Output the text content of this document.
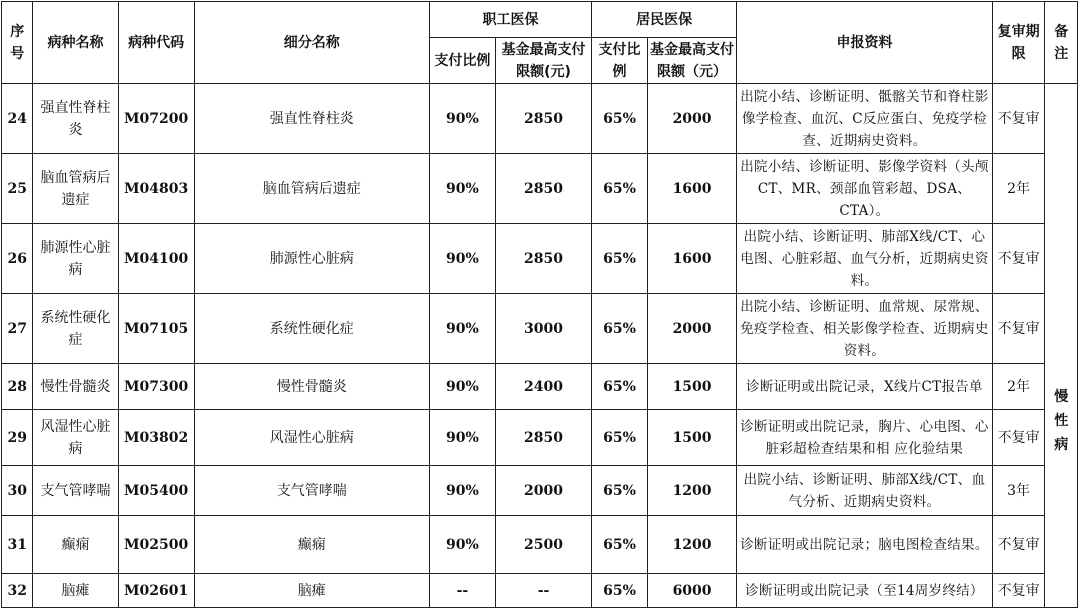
序号	病种名称	病种代码	细分名称	职工医保		居民医保		申报资料	复审期限	备注
				支付比例	基金最高支付限额(元)	支付比例	基金最高支付限额（元）			
24	强直性脊柱炎	M07200	强直性脊柱炎	90%	2850	65%	2000	出院小结、诊断证明、骶髂关节和脊柱影像学检查、血沉、C反应蛋白、免疫学检查、近期病史资料。	不复审	慢性病
25	脑血管病后遗症	M04803	脑血管病后遗症	90%	2850	65%	1600	出院小结、诊断证明、影像学资料（头颅CT、MR、颈部血管彩超、DSA、CTA）。	2年	
26	肺源性心脏病	M04100	肺源性心脏病	90%	2850	65%	1600	出院小结、诊断证明、肺部X线/CT、心电图、心脏彩超、血气分析，近期病史资料。	不复审	
27	系统性硬化症	M07105	系统性硬化症	90%	3000	65%	2000	出院小结、诊断证明、血常规、尿常规、免疫学检查、相关影像学检查、近期病史资料。	不复审	
28	慢性骨髓炎	M07300	慢性骨髓炎	90%	2400	65%	1500	诊断证明或出院记录，X线片CT报告单	2年	
29	风湿性心脏病	M03802	风湿性心脏病	90%	2850	65%	1500	诊断证明或出院记录，胸片、心电图、心脏彩超检查结果和相 应化验结果	不复审	
30	支气管哮喘	M05400	支气管哮喘	90%	2000	65%	1200	出院小结、诊断证明、肺部X线/CT、血气分析、近期病史资料。	3年	
31	癫痫	M02500	癫痫	90%	2500	65%	1200	诊断证明或出院记录；脑电图检查结果。	不复审	
32	脑瘫	M02601	脑瘫	--	--	65%	6000	诊断证明或出院记录（至14周岁终结）	不复审	
